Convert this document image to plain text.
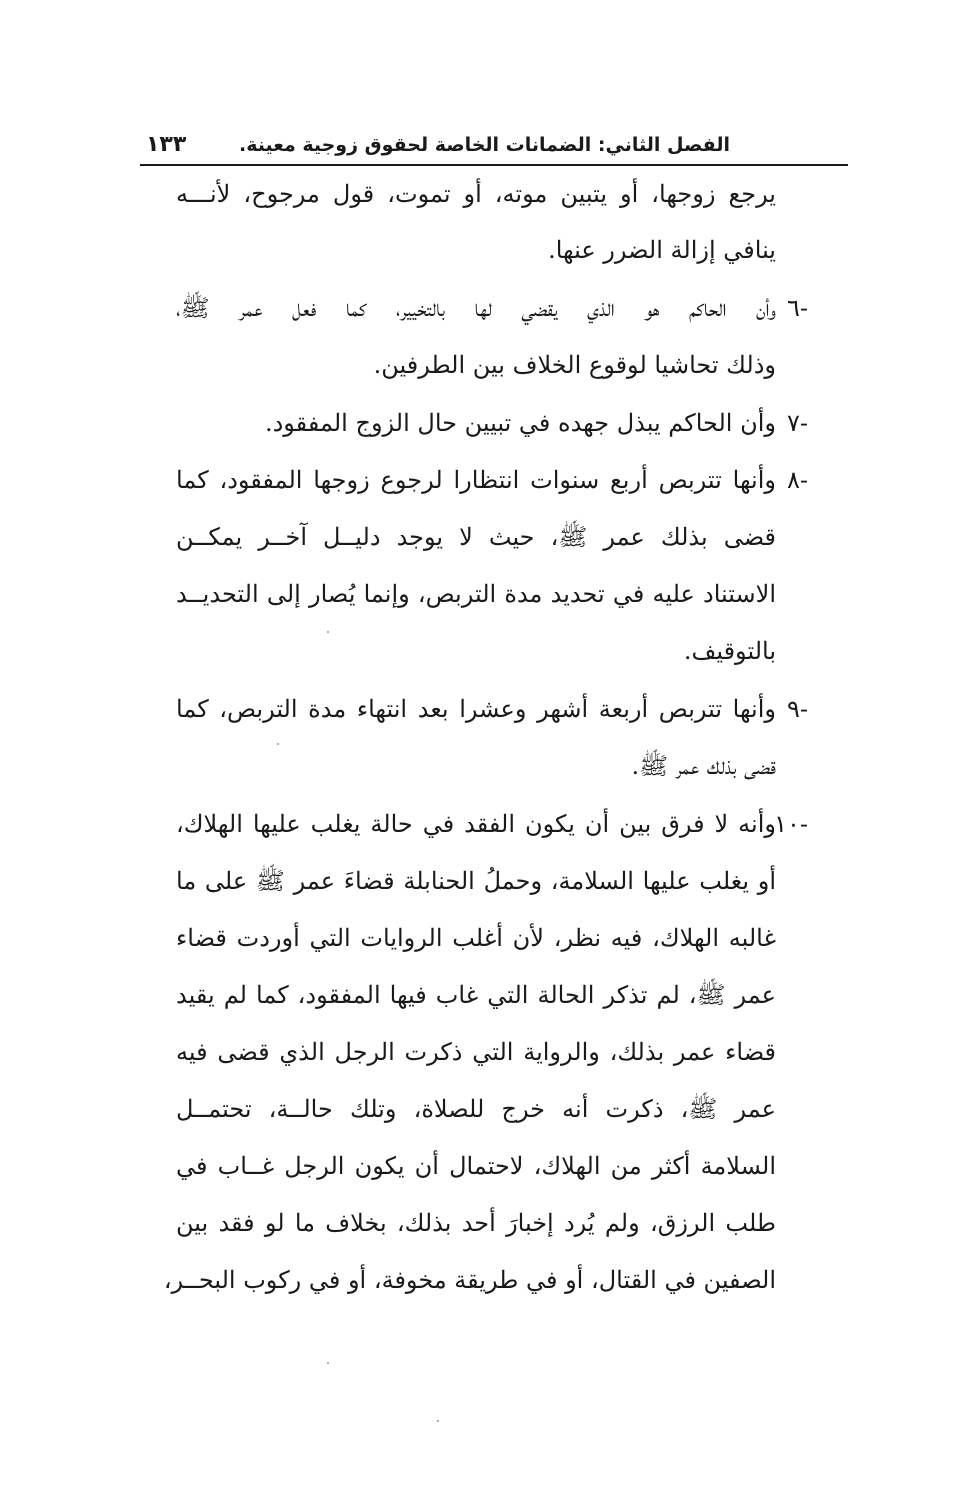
الفصل الثاني: الضمانات الخاصة لحقوق زوجية معينة.
١٣٣
يرجع زوجها، أو يتبين موته، أو تموت، قول مرجوح، لأنـــه
ينافي إزالة الضرر عنها.
٦-
وأن الحاكم هو الذي يقضي لها بالتخيير، كما فعل عمر ﷺ،
وذلك تحاشيا لوقوع الخلاف بين الطرفين.
٧-
وأن الحاكم يبذل جهده في تبيين حال الزوج المفقود.
٨-
وأنها تتربص أربع سنوات انتظارا لرجوع زوجها المفقود، كما
قضى بذلك عمر ﷺ، حيث لا يوجد دليــل آخــر يمكــن
الاستناد عليه في تحديد مدة التربص، وإنما يُصار إلى التحديــد
بالتوقيف.
٩-
وأنها تتربص أربعة أشهر وعشرا بعد انتهاء مدة التربص، كما
قضى بذلك عمر ﷺ.
١٠-
وأنه لا فرق بين أن يكون الفقد في حالة يغلب عليها الهلاك،
أو يغلب عليها السلامة، وحملُ الحنابلة قضاءَ عمر ﷺ على ما
غالبه الهلاك، فيه نظر، لأن أغلب الروايات التي أوردت قضاء
عمر ﷺ، لم تذكر الحالة التي غاب فيها المفقود، كما لم يقيد
قضاء عمر بذلك، والرواية التي ذكرت الرجل الذي قضى فيه
عمر ﷺ، ذكرت أنه خرج للصلاة، وتلك حالــة، تحتمــل
السلامة أكثر من الهلاك، لاحتمال أن يكون الرجل غــاب في
طلب الرزق، ولم يُرد إخبارَ أحد بذلك، بخلاف ما لو فقد بين
الصفين في القتال، أو في طريقة مخوفة، أو في ركوب البحــر،
